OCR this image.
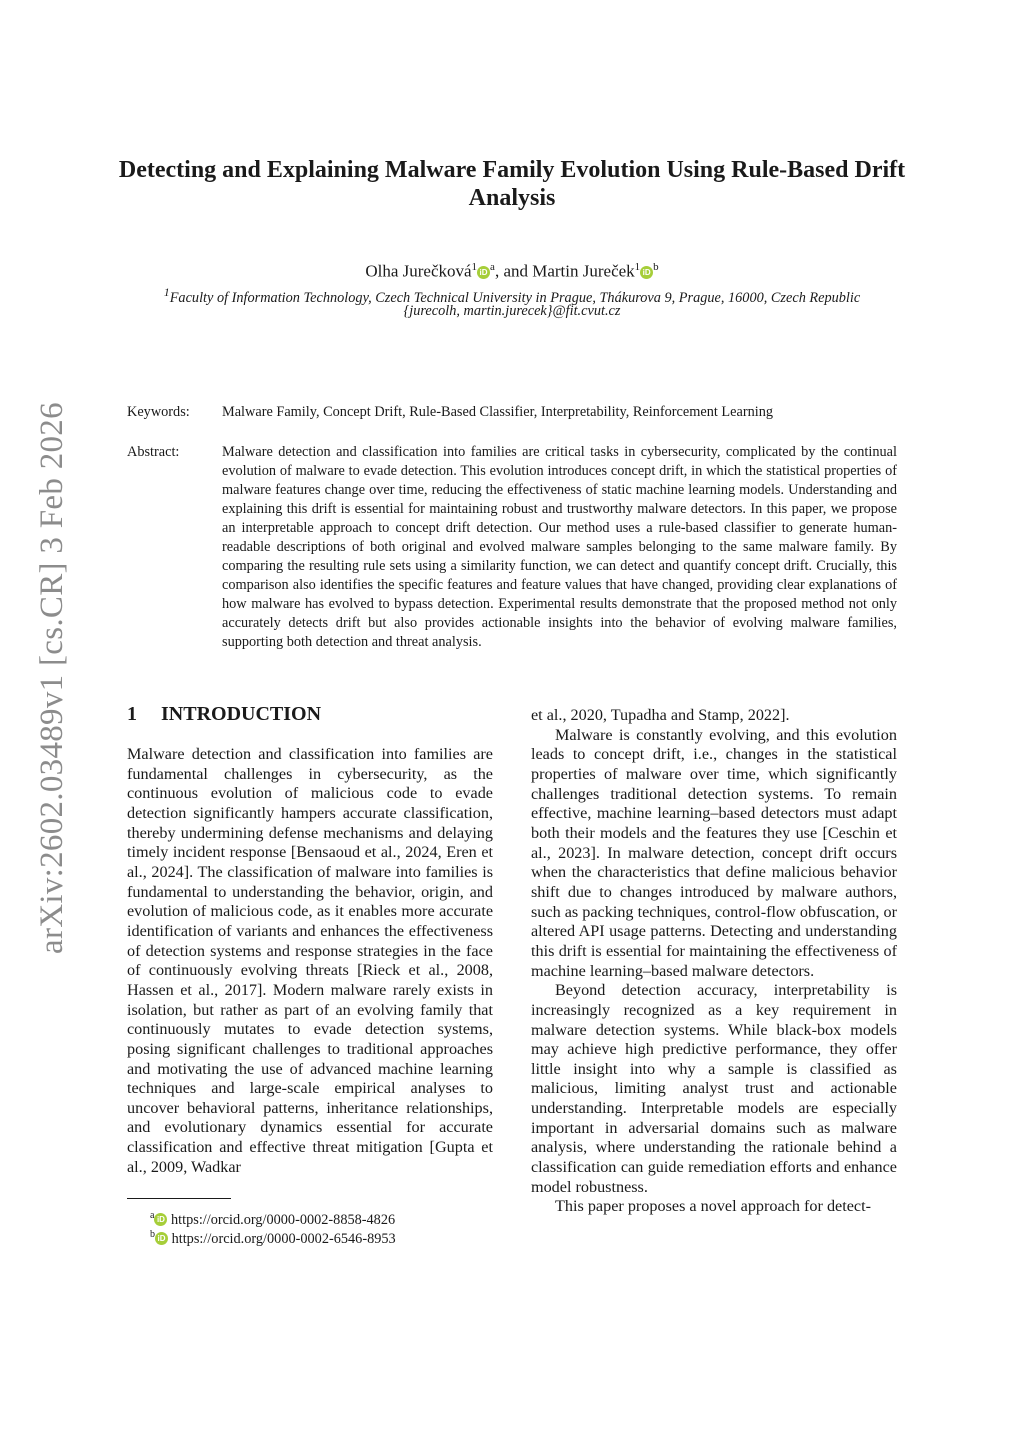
arXiv:2602.03489v1 [cs.CR] 3 Feb 2026
Detecting and Explaining Malware Family Evolution Using Rule-Based Drift Analysis
Olha Jurečková$^1$ iD $^a$, and Martin Jureček$^1$ iD $^b$
$^1$Faculty of Information Technology, Czech Technical University in Prague, Thákurova 9, Prague, 16000, Czech Republic
{jurecolh, martin.jurecek}@fit.cvut.cz
Keywords: Malware Family, Concept Drift, Rule-Based Classifier, Interpretability, Reinforcement Learning
Abstract:	Malware detection and classification into families are critical tasks in cybersecurity, complicated by the continual evolution of malware to evade detection. This evolution introduces concept drift, in which the statistical properties of malware features change over time, reducing the effectiveness of static machine learning models. Understanding and explaining this drift is essential for maintaining robust and trustworthy malware detectors. In this paper, we propose an interpretable approach to concept drift detection. Our method uses a rule-based classifier to generate human-readable descriptions of both original and evolved malware samples belonging to the same malware family. By comparing the resulting rule sets using a similarity function, we can detect and quantify concept drift. Crucially, this comparison also identifies the specific features and feature values that have changed, providing clear explanations of how malware has evolved to bypass detection. Experimental results demonstrate that the proposed method not only accurately detects drift but also provides actionable insights into the behavior of evolving malware families, supporting both detection and threat analysis.
1 INTRODUCTION

Malware detection and classification into families are fundamental challenges in cybersecurity, as the continuous evolution of malicious code to evade detection significantly hampers accurate classification, thereby undermining defense mechanisms and delaying timely incident response [Bensaoud et al., 2024, Eren et al., 2024]. The classification of malware into families is fundamental to understanding the behavior, origin, and evolution of malicious code, as it enables more accurate identification of variants and enhances the effectiveness of detection systems and response strategies in the face of continuously evolving threats [Rieck et al., 2008, Hassen et al., 2017]. Modern malware rarely exists in isolation, but rather as part of an evolving family that continuously mutates to evade detection systems, posing significant challenges to traditional approaches and motivating the use of advanced machine learning techniques and large-scale empirical analyses to uncover behavioral patterns, inheritance relationships, and evolutionary dynamics essential for accurate classification and effective threat mitigation [Gupta et al., 2009, Wadkar

et al., 2020, Tupadha and Stamp, 2022].

Malware is constantly evolving, and this evolution leads to concept drift, i.e., changes in the statistical properties of malware over time, which significantly challenges traditional detection systems. To remain effective, machine learning–based detectors must adapt both their models and the features they use [Ceschin et al., 2023]. In malware detection, concept drift occurs when the characteristics that define malicious behavior shift due to changes introduced by malware authors, such as packing techniques, control-flow obfuscation, or altered API usage patterns. Detecting and understanding this drift is essential for maintaining the effectiveness of machine learning–based malware detectors.

Beyond detection accuracy, interpretability is increasingly recognized as a key requirement in malware detection systems. While black-box models may achieve high predictive performance, they offer little insight into why a sample is classified as malicious, limiting analyst trust and actionable understanding. Interpretable models are especially important in adversarial domains such as malware analysis, where understanding the rationale behind a classification can guide remediation efforts and enhance model robustness.

This paper proposes a novel approach for detect-

$^a$ iD https://orcid.org/0000-0002-8858-4826
$^b$ iD https://orcid.org/0000-0002-6546-8953
